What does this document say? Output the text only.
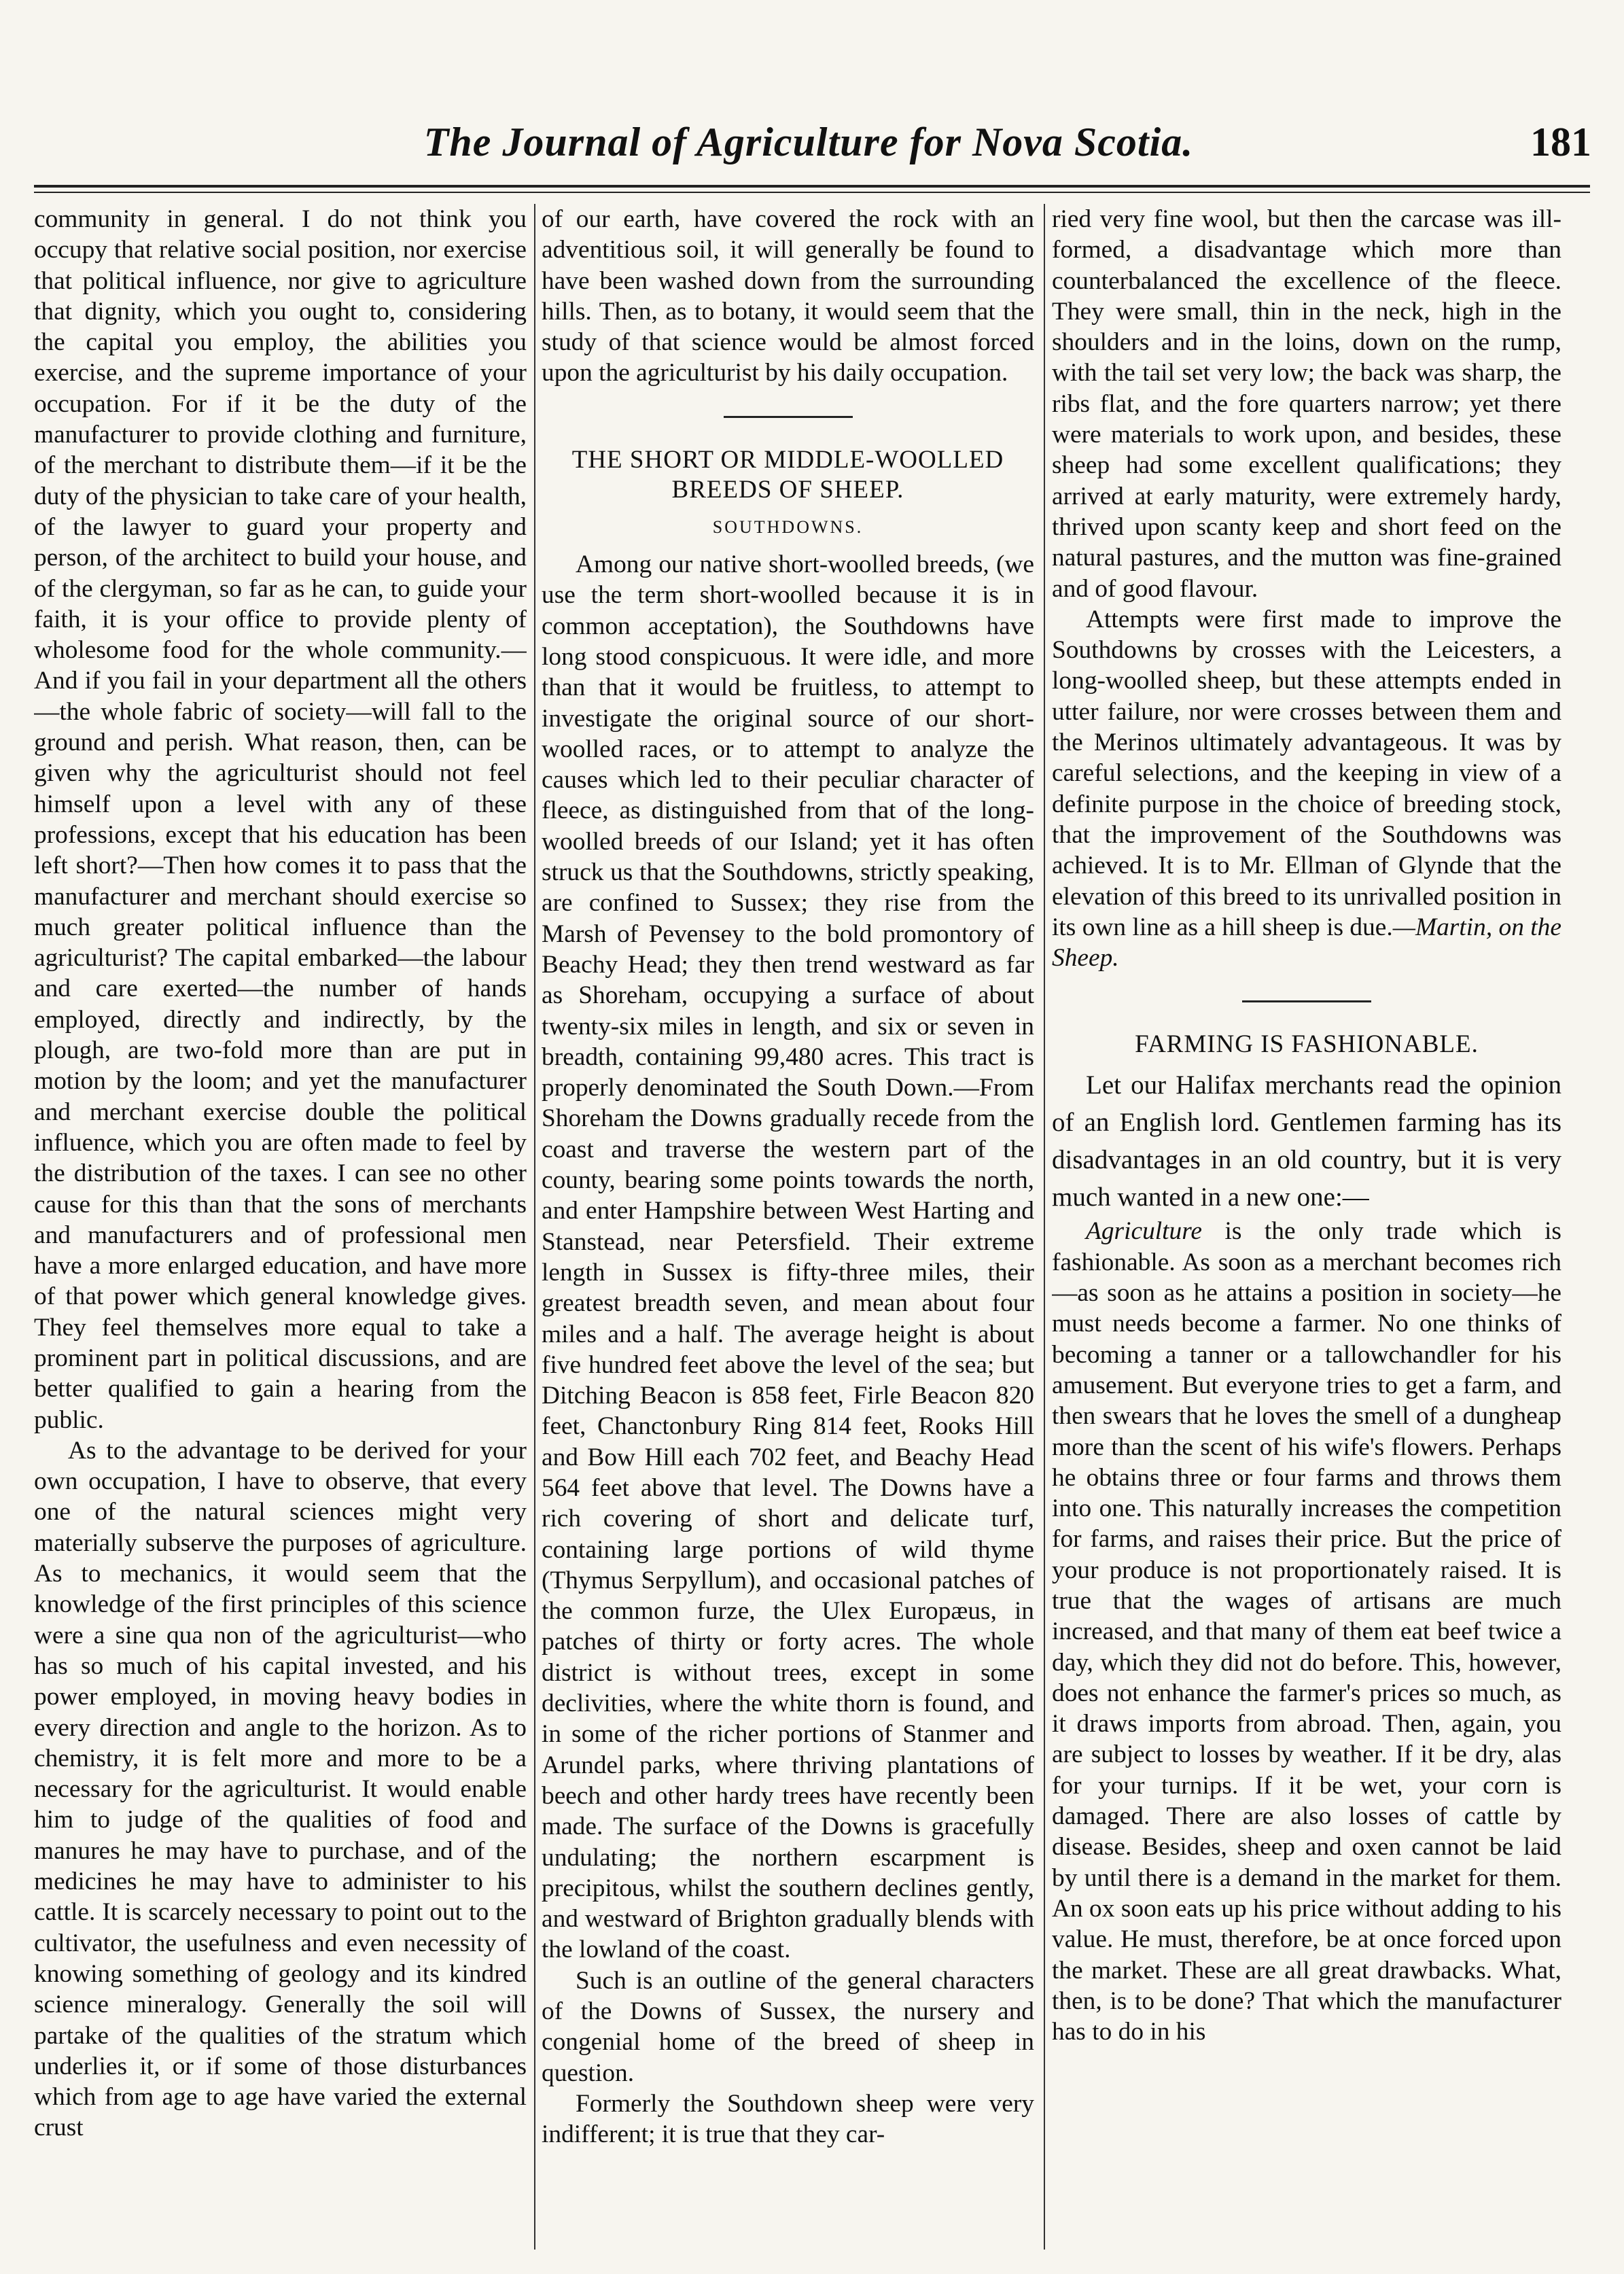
The Journal of Agriculture for Nova Scotia.	181

community in general. I do not think you occupy that relative social position, nor exercise that political influence, nor give to agriculture that dignity, which you ought to, considering the capital you employ, the abilities you exercise, and the supreme importance of your occupation. For if it be the duty of the manufacturer to provide clothing and furniture, of the merchant to distribute them—if it be the duty of the physician to take care of your health, of the lawyer to guard your property and person, of the architect to build your house, and of the clergyman, so far as he can, to guide your faith, it is your office to provide plenty of wholesome food for the whole community.—And if you fail in your department all the others—the whole fabric of society—will fall to the ground and perish. What reason, then, can be given why the agriculturist should not feel himself upon a level with any of these professions, except that his education has been left short?—Then how comes it to pass that the manufacturer and merchant should exercise so much greater political influence than the agriculturist? The capital embarked—the labour and care exerted—the number of hands employed, directly and indirectly, by the plough, are two-fold more than are put in motion by the loom; and yet the manufacturer and merchant exercise double the political influence, which you are often made to feel by the distribution of the taxes. I can see no other cause for this than that the sons of merchants and manufacturers and of professional men have a more enlarged education, and have more of that power which general knowledge gives. They feel themselves more equal to take a prominent part in political discussions, and are better qualified to gain a hearing from the public.

As to the advantage to be derived for your own occupation, I have to observe, that every one of the natural sciences might very materially subserve the purposes of agriculture. As to mechanics, it would seem that the knowledge of the first principles of this science were a sine qua non of the agriculturist—who has so much of his capital invested, and his power employed, in moving heavy bodies in every direction and angle to the horizon. As to chemistry, it is felt more and more to be a necessary for the agriculturist. It would enable him to judge of the qualities of food and manures he may have to purchase, and of the medicines he may have to administer to his cattle. It is scarcely necessary to point out to the cultivator, the usefulness and even necessity of knowing something of geology and its kindred science mineralogy. Generally the soil will partake of the qualities of the stratum which underlies it, or if some of those disturbances which from age to age have varied the external crust

of our earth, have covered the rock with an adventitious soil, it will generally be found to have been washed down from the surrounding hills. Then, as to botany, it would seem that the study of that science would be almost forced upon the agriculturist by his daily occupation.

THE SHORT OR MIDDLE-WOOLLED BREEDS OF SHEEP.
SOUTHDOWNS.

Among our native short-woolled breeds, (we use the term short-woolled because it is in common acceptation), the Southdowns have long stood conspicuous. It were idle, and more than that it would be fruitless, to attempt to investigate the original source of our short-woolled races, or to attempt to analyze the causes which led to their peculiar character of fleece, as distinguished from that of the long-woolled breeds of our Island; yet it has often struck us that the Southdowns, strictly speaking, are confined to Sussex; they rise from the Marsh of Pevensey to the bold promontory of Beachy Head; they then trend westward as far as Shoreham, occupying a surface of about twenty-six miles in length, and six or seven in breadth, containing 99,480 acres. This tract is properly denominated the South Down.—From Shoreham the Downs gradually recede from the coast and traverse the western part of the county, bearing some points towards the north, and enter Hampshire between West Harting and Stanstead, near Petersfield. Their extreme length in Sussex is fifty-three miles, their greatest breadth seven, and mean about four miles and a half. The average height is about five hundred feet above the level of the sea; but Ditching Beacon is 858 feet, Firle Beacon 820 feet, Chanctonbury Ring 814 feet, Rooks Hill and Bow Hill each 702 feet, and Beachy Head 564 feet above that level. The Downs have a rich covering of short and delicate turf, containing large portions of wild thyme (Thymus Serpyllum), and occasional patches of the common furze, the Ulex Europæus, in patches of thirty or forty acres. The whole district is without trees, except in some declivities, where the white thorn is found, and in some of the richer portions of Stanmer and Arundel parks, where thriving plantations of beech and other hardy trees have recently been made. The surface of the Downs is gracefully undulating; the northern escarpment is precipitous, whilst the southern declines gently, and westward of Brighton gradually blends with the lowland of the coast.

Such is an outline of the general characters of the Downs of Sussex, the nursery and congenial home of the breed of sheep in question.

Formerly the Southdown sheep were very indifferent; it is true that they car-

ried very fine wool, but then the carcase was ill-formed, a disadvantage which more than counterbalanced the excellence of the fleece. They were small, thin in the neck, high in the shoulders and in the loins, down on the rump, with the tail set very low; the back was sharp, the ribs flat, and the fore quarters narrow; yet there were materials to work upon, and besides, these sheep had some excellent qualifications; they arrived at early maturity, were extremely hardy, thrived upon scanty keep and short feed on the natural pastures, and the mutton was fine-grained and of good flavour.

Attempts were first made to improve the Southdowns by crosses with the Leicesters, a long-woolled sheep, but these attempts ended in utter failure, nor were crosses between them and the Merinos ultimately advantageous. It was by careful selections, and the keeping in view of a definite purpose in the choice of breeding stock, that the improvement of the Southdowns was achieved. It is to Mr. Ellman of Glynde that the elevation of this breed to its unrivalled position in its own line as a hill sheep is due.—Martin, on the Sheep.

FARMING IS FASHIONABLE.

Let our Halifax merchants read the opinion of an English lord. Gentlemen farming has its disadvantages in an old country, but it is very much wanted in a new one:—

Agriculture is the only trade which is fashionable. As soon as a merchant becomes rich—as soon as he attains a position in society—he must needs become a farmer. No one thinks of becoming a tanner or a tallowchandler for his amusement. But everyone tries to get a farm, and then swears that he loves the smell of a dungheap more than the scent of his wife's flowers. Perhaps he obtains three or four farms and throws them into one. This naturally increases the competition for farms, and raises their price. But the price of your produce is not proportionately raised. It is true that the wages of artisans are much increased, and that many of them eat beef twice a day, which they did not do before. This, however, does not enhance the farmer's prices so much, as it draws imports from abroad. Then, again, you are subject to losses by weather. If it be dry, alas for your turnips. If it be wet, your corn is damaged. There are also losses of cattle by disease. Besides, sheep and oxen cannot be laid by until there is a demand in the market for them. An ox soon eats up his price without adding to his value. He must, therefore, be at once forced upon the market. These are all great drawbacks. What, then, is to be done? That which the manufacturer has to do in his
